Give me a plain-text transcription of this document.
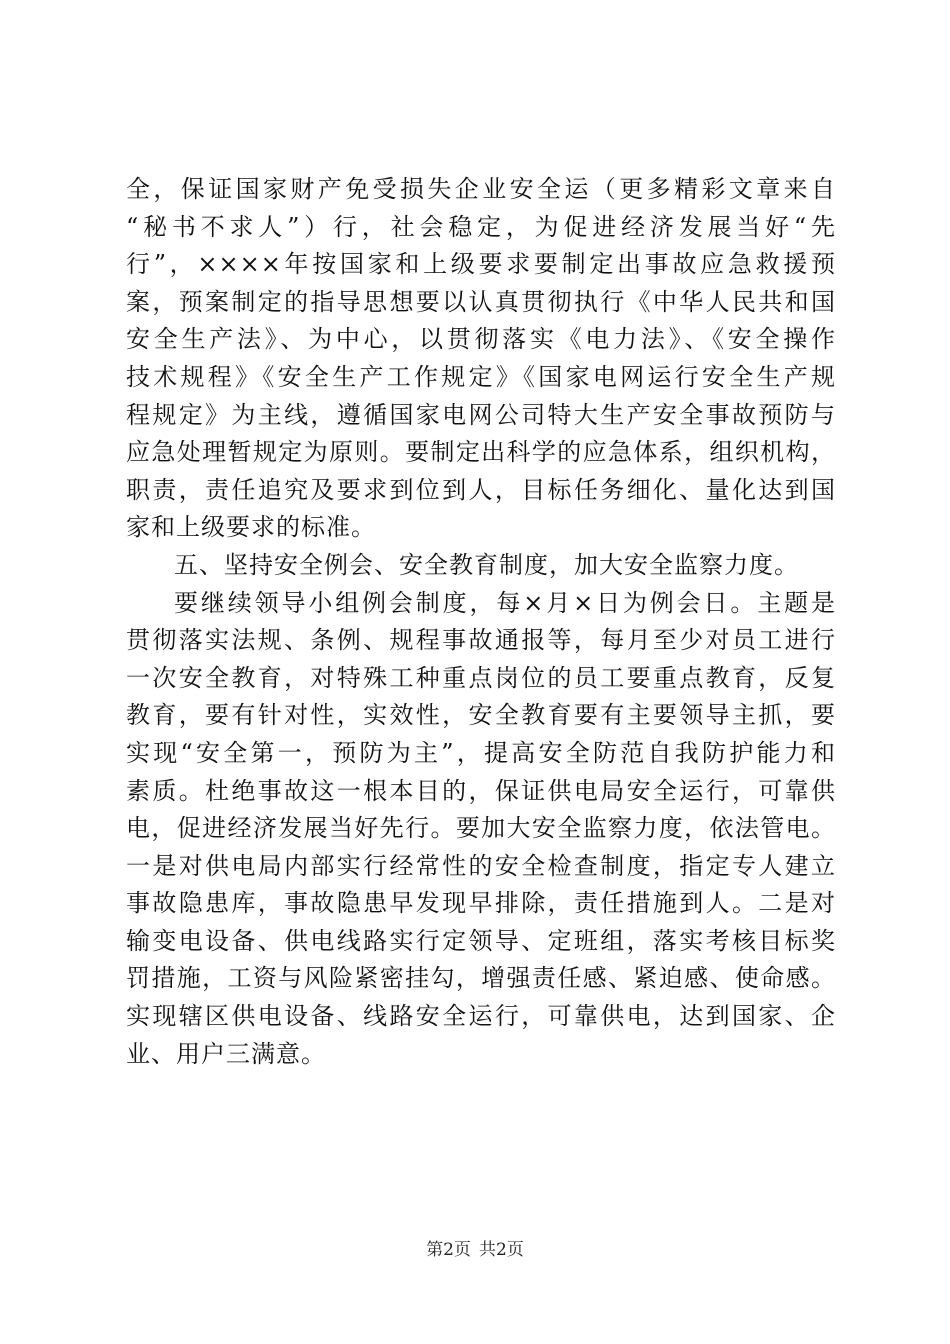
全，保证国家财产免受损失企业安全运（更多精彩文章来自
“秘书不求人”）行，社会稳定，为促进经济发展当好“先
行”，××××年按国家和上级要求要制定出事故应急救援预
案，预案制定的指导思想要以认真贯彻执行《中华人民共和国
安全生产法》、为中心，以贯彻落实《电力法》、《安全操作
技术规程》《安全生产工作规定》《国家电网运行安全生产规
程规定》为主线，遵循国家电网公司特大生产安全事故预防与
应急处理暂规定为原则。要制定出科学的应急体系，组织机构，
职责，责任追究及要求到位到人，目标任务细化、量化达到国
家和上级要求的标准。
五、坚持安全例会、安全教育制度，加大安全监察力度。
要继续领导小组例会制度，每×月×日为例会日。主题是
贯彻落实法规、条例、规程事故通报等，每月至少对员工进行
一次安全教育，对特殊工种重点岗位的员工要重点教育，反复
教育，要有针对性，实效性，安全教育要有主要领导主抓，要
实现“安全第一，预防为主”，提高安全防范自我防护能力和
素质。杜绝事故这一根本目的，保证供电局安全运行，可靠供
电，促进经济发展当好先行。要加大安全监察力度，依法管电。
一是对供电局内部实行经常性的安全检查制度，指定专人建立
事故隐患库，事故隐患早发现早排除，责任措施到人。二是对
输变电设备、供电线路实行定领导、定班组，落实考核目标奖
罚措施，工资与风险紧密挂勾，增强责任感、紧迫感、使命感。
实现辖区供电设备、线路安全运行，可靠供电，达到国家、企
业、用户三满意。
第2页 共2页
